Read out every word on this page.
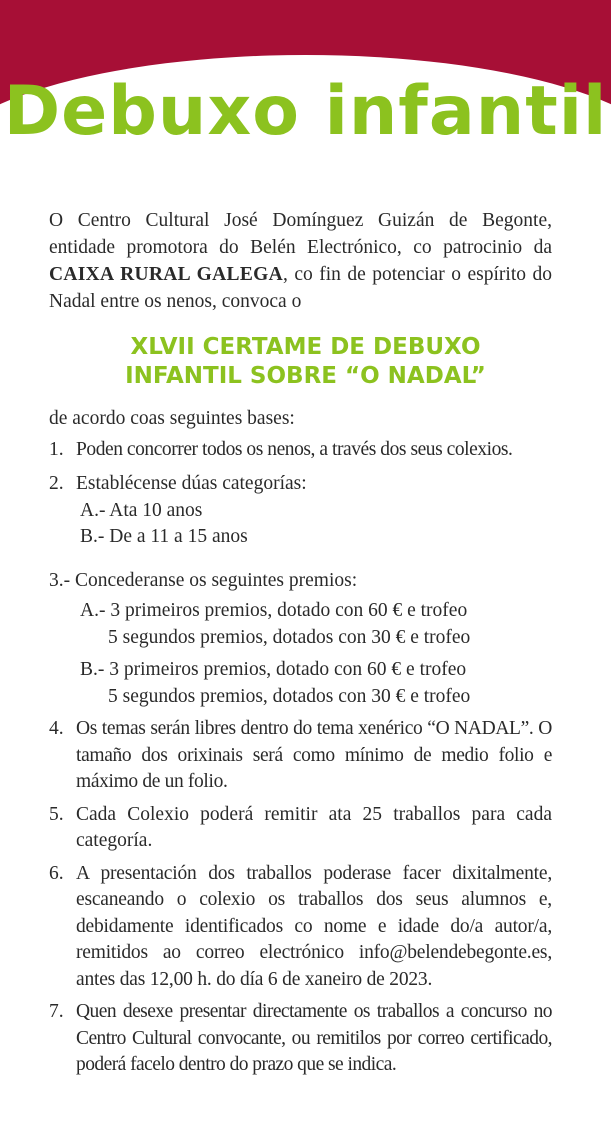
Debuxo infantil
O Centro Cultural José Domínguez Guizán de Begonte, entidade promotora do Belén Electrónico, co patrocinio da CAIXA RURAL GALEGA, co fin de potenciar o espírito do Nadal entre os nenos, convoca o
XLVII CERTAME DE DEBUXO
INFANTIL SOBRE “O NADAL”
de acordo coas seguintes bases:
1. Poden concorrer todos os nenos, a través dos seus colexios.
2. Establécense dúas categorías:
A.- Ata 10 anos
B.- De a 11 a 15 anos
3.- Concederanse os seguintes premios:
A.- 3 primeiros premios, dotado con 60 € e trofeo
5 segundos premios, dotados con 30 € e trofeo
B.- 3 primeiros premios, dotado con 60 € e trofeo
5 segundos premios, dotados con 30 € e trofeo
4. Os temas serán libres dentro do tema xenérico “O NADAL”. O tamaño dos orixinais será como mínimo de medio folio e máximo de un folio.
5. Cada Colexio poderá remitir ata 25 traballos para cada categoría.
6. A presentación dos traballos poderase facer dixitalmente, escaneando o colexio os traballos dos seus alumnos e, debidamente identificados co nome e idade do/a autor/a, remitidos ao correo electrónico info@belendebegonte.es, antes das 12,00 h. do día 6 de xaneiro de 2023.
7. Quen desexe presentar directamente os traballos a concurso no Centro Cultural convocante, ou remitilos por correo certificado, poderá facelo dentro do prazo que se indica.
